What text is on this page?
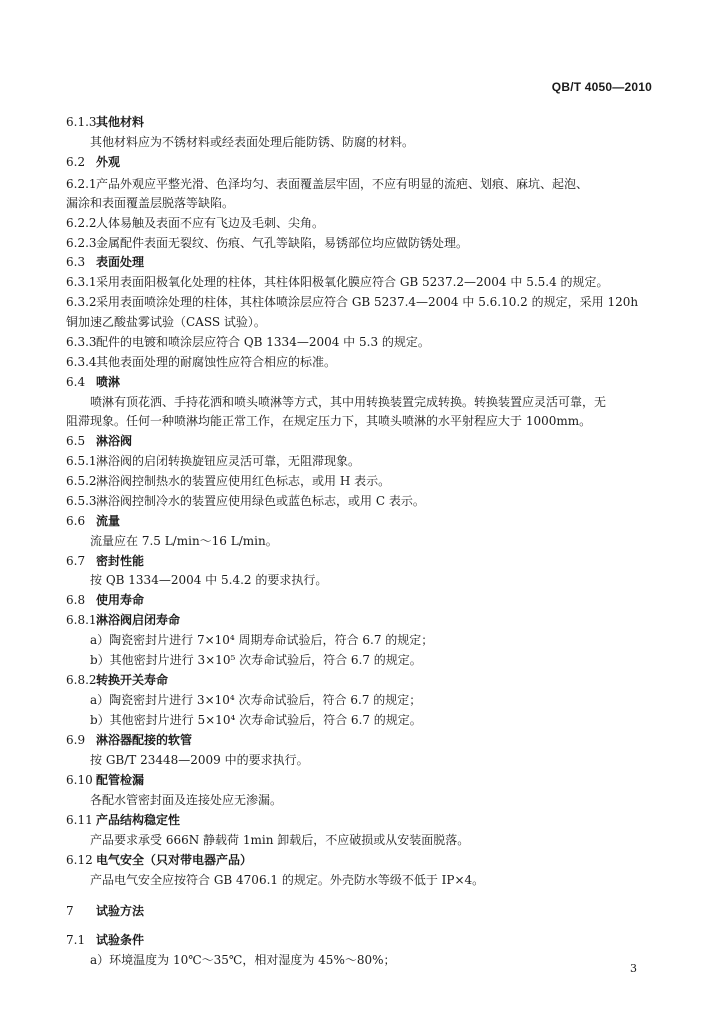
QB/T 4050—2010
6.1.3其他材料
其他材料应为不锈材料或经表面处理后能防锈、防腐的材料。
6.2 外观
6.2.1产品外观应平整光滑、色泽均匀、表面覆盖层牢固，不应有明显的流疤、划痕、麻坑、起泡、
漏涂和表面覆盖层脱落等缺陷。
6.2.2人体易触及表面不应有飞边及毛刺、尖角。
6.2.3金属配件表面无裂纹、伤痕、气孔等缺陷，易锈部位均应做防锈处理。
6.3 表面处理
6.3.1采用表面阳极氧化处理的柱体，其柱体阳极氧化膜应符合 GB 5237.2—2004 中 5.5.4 的规定。
6.3.2采用表面喷涂处理的柱体，其柱体喷涂层应符合 GB 5237.4—2004 中 5.6.10.2 的规定，采用 120h
铜加速乙酸盐雾试验（CASS 试验）。
6.3.3配件的电镀和喷涂层应符合 QB 1334—2004 中 5.3 的规定。
6.3.4其他表面处理的耐腐蚀性应符合相应的标准。
6.4 喷淋
喷淋有顶花洒、手持花洒和喷头喷淋等方式，其中用转换装置完成转换。转换装置应灵活可靠，无
阻滞现象。任何一种喷淋均能正常工作，在规定压力下，其喷头喷淋的水平射程应大于 1000mm。
6.5 淋浴阀
6.5.1淋浴阀的启闭转换旋钮应灵活可靠，无阻滞现象。
6.5.2淋浴阀控制热水的装置应使用红色标志，或用 H 表示。
6.5.3淋浴阀控制冷水的装置应使用绿色或蓝色标志，或用 C 表示。
6.6 流量
流量应在 7.5 L/min～16 L/min。
6.7 密封性能
按 QB 1334—2004 中 5.4.2 的要求执行。
6.8 使用寿命
6.8.1淋浴阀启闭寿命
a）陶瓷密封片进行 7×10⁴ 周期寿命试验后，符合 6.7 的规定；
b）其他密封片进行 3×10⁵ 次寿命试验后，符合 6.7 的规定。
6.8.2转换开关寿命
a）陶瓷密封片进行 3×10⁴ 次寿命试验后，符合 6.7 的规定；
b）其他密封片进行 5×10⁴ 次寿命试验后，符合 6.7 的规定。
6.9 淋浴器配接的软管
按 GB/T 23448—2009 中的要求执行。
6.10 配管检漏
各配水管密封面及连接处应无渗漏。
6.11 产品结构稳定性
产品要求承受 666N 静载荷 1min 卸载后，不应破损或从安装面脱落。
6.12 电气安全（只对带电器产品）
产品电气安全应按符合 GB 4706.1 的规定。外壳防水等级不低于 IP×4。
7 试验方法
7.1 试验条件
a）环境温度为 10℃～35℃，相对湿度为 45%～80%；
3
